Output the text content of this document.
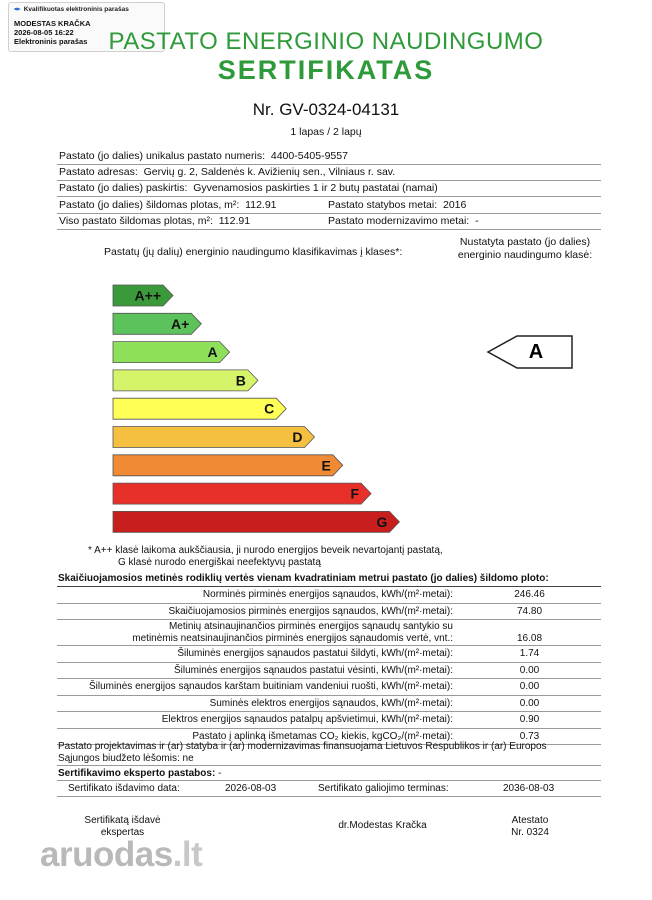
✒ Kvalifikuotas elektroninis parašas
MODESTAS KRAČKA
2026-08-05 16:22
Elektroninis parašas PASTATO ENERGINIO NAUDINGUMO
SERTIFIKATAS
Nr. GV-0324-04131
1 lapas / 2 lapų
Pastato (jo dalies) unikalus pastato numeris: 4400-5405-9557
Pastato adresas: Gervių g. 2, Saldenės k. Avižienių sen., Vilniaus r. sav.
Pastato (jo dalies) paskirtis: Gyvenamosios paskirties 1 ir 2 butų pastatai (namai)
Pastato (jo dalies) šildomas plotas, m²: 112.91	Pastato statybos metai: 2016
Viso pastato šildomas plotas, m²: 112.91	Pastato modernizavimo metai: -
Pastatų (jų dalių) energinio naudingumo klasifikavimas į klases*:
Nustatyta pastato (jo dalies) energinio naudingumo klasė:
A++
A+
A
B
C
D
E
F
G
A
* A++ klasė laikoma aukščiausia, ji nurodo energijos beveik nevartojantį pastatą,
G klasė nurodo energiškai neefektyvų pastatą
Skaičiuojamosios metinės rodiklių vertės vienam kvadratiniam metrui pastato (jo dalies) šildomo ploto:
Norminės pirminės energijos sąnaudos, kWh/(m²·metai):	246.46
Skaičiuojamosios pirminės energijos sąnaudos, kWh/(m²·metai):	74.80
Metinių atsinaujinančios pirminės energijos sąnaudų santykio su
metinėmis neatsinaujinančios pirminės energijos sąnaudomis vertė, vnt.:	16.08
Šiluminės energijos sąnaudos pastatui šildyti, kWh/(m²·metai):	1.74
Šiluminės energijos sąnaudos pastatui vėsinti, kWh/(m²·metai):	0.00
Šiluminės energijos sąnaudos karštam buitiniam vandeniui ruošti, kWh/(m²·metai):	0.00
Suminės elektros energijos sąnaudos, kWh/(m²·metai):	0.00
Elektros energijos sąnaudos patalpų apšvietimui, kWh/(m²·metai):	0.90
Pastato į aplinką išmetamas CO₂ kiekis, kgCO₂/(m²·metai):	0.73
Pastato projektavimas ir (ar) statyba ir (ar) modernizavimas finansuojama Lietuvos Respublikos ir (ar) Europos
Sąjungos biudžeto lėšomis: ne
Sertifikavimo eksperto pastabos: -
Sertifikato išdavimo data:	2026-08-03	Sertifikato galiojimo terminas:	2036-08-03
Sertifikatą išdavė
ekspertas
dr.Modestas Kračka	Atestato
Nr. 0324
aruodas.lt
